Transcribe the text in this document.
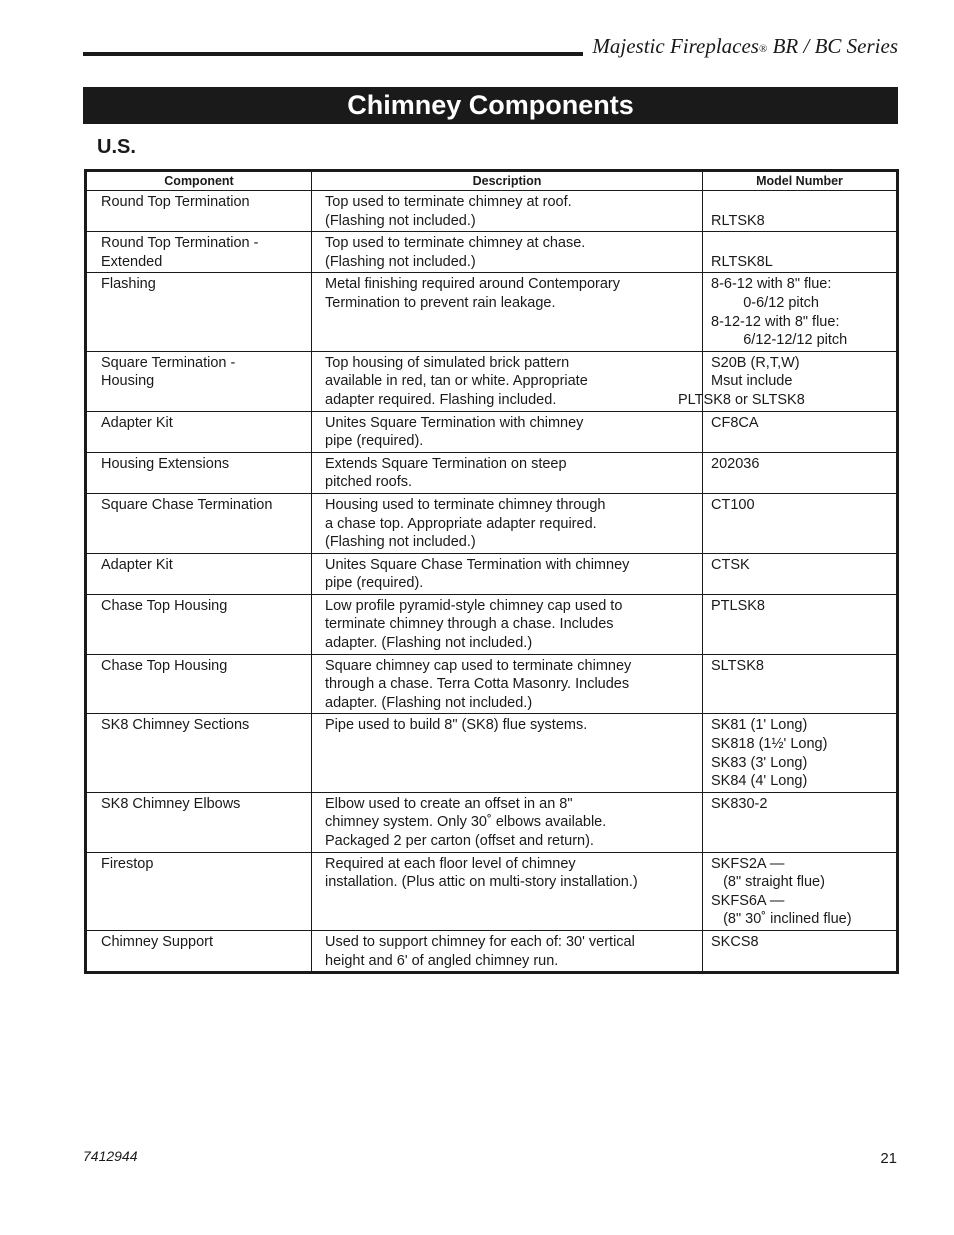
Majestic Fireplaces® BR / BC Series
Chimney Components
U.S.
Component	Description	Model Number

Round Top Termination	Top used to terminate chimney at roof.
(Flashing not included.)	RLTSK8

Round Top Termination -
Extended	Top used to terminate chimney at chase.
(Flashing not included.)	RLTSK8L

Flashing	Metal finishing required around Contemporary
Termination to prevent rain leakage.	8-6-12 with 8" flue:
0-6/12 pitch
8-12-12 with 8" flue:
6/12-12/12 pitch

Square Termination -
Housing	Top housing of simulated brick pattern
available in red, tan or white. Appropriate
adapter required. Flashing included.	S20B (R,T,W)
Msut include
PLTSK8 or SLTSK8

Adapter Kit	Unites Square Termination with chimney
pipe (required).	CF8CA

Housing Extensions	Extends Square Termination on steep
pitched roofs.	202036

Square Chase Termination	Housing used to terminate chimney through
a chase top. Appropriate adapter required.
(Flashing not included.)	CT100

Adapter Kit	Unites Square Chase Termination with chimney
pipe (required).	CTSK

Chase Top Housing	Low profile pyramid-style chimney cap used to
terminate chimney through a chase. Includes
adapter. (Flashing not included.)	PTLSK8

Chase Top Housing	Square chimney cap used to terminate chimney
through a chase. Terra Cotta Masonry. Includes
adapter. (Flashing not included.)	SLTSK8

SK8 Chimney Sections	Pipe used to build 8" (SK8) flue systems.	SK81 (1' Long)
SK818 (1½' Long)
SK83 (3' Long)
SK84 (4' Long)

SK8 Chimney Elbows	Elbow used to create an offset in an 8"
chimney system. Only 30˚ elbows available.
Packaged 2 per carton (offset and return).	SK830-2

Firestop	Required at each floor level of chimney
installation. (Plus attic on multi-story installation.)	SKFS2A —
(8" straight flue)
SKFS6A —
(8" 30˚ inclined flue)

Chimney Support	Used to support chimney for each of: 30' vertical
height and 6' of angled chimney run.	SKCS8
7412944	21
